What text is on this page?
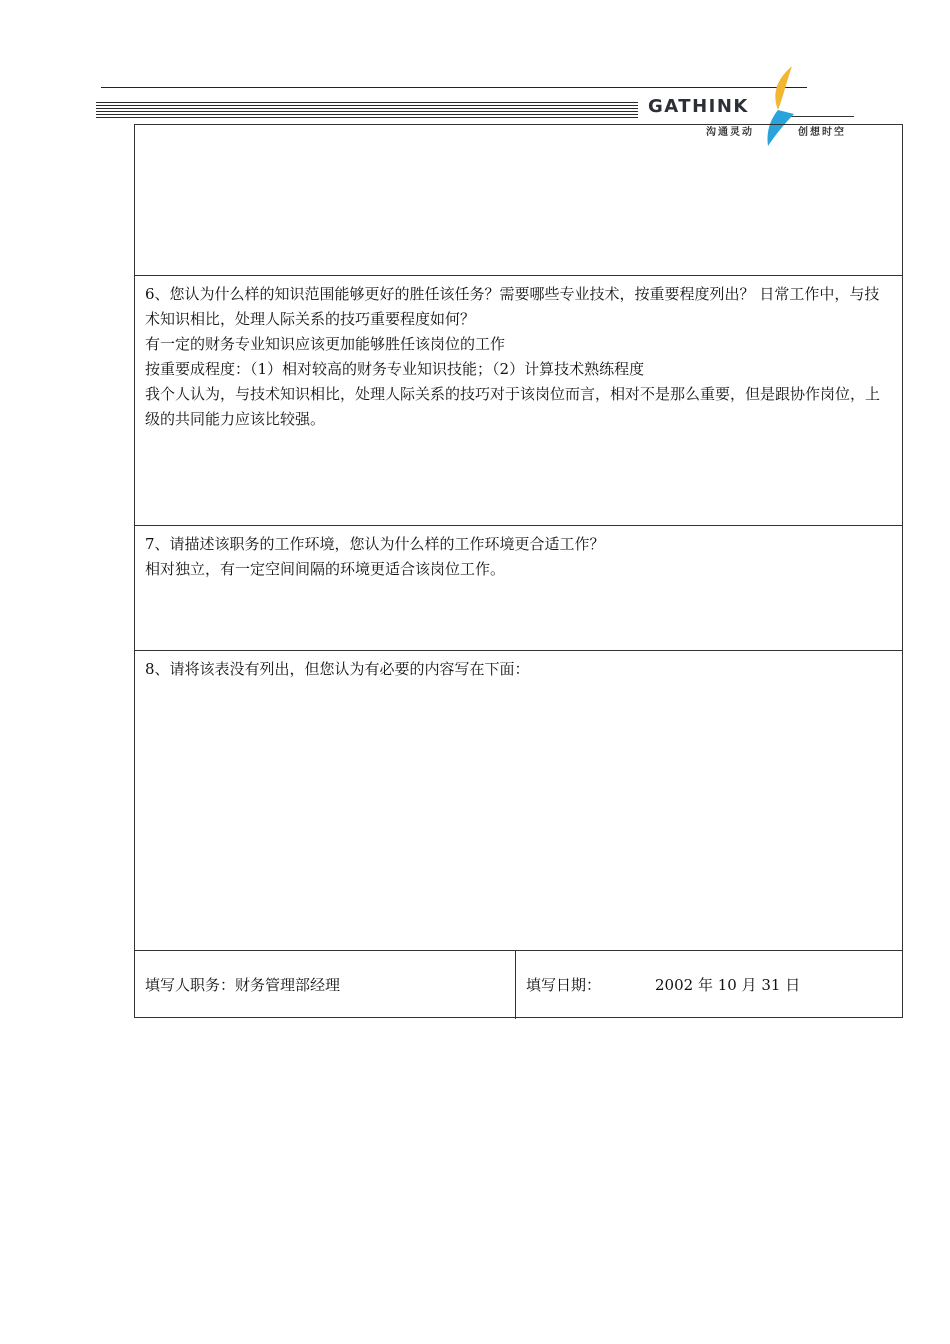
GATHINK
沟通灵动	创想时空

6、您认为什么样的知识范围能够更好的胜任该任务？需要哪些专业技术，按重要程度列出？ 日常工作中，与技术知识相比，处理人际关系的技巧重要程度如何？

有一定的财务专业知识应该更加能够胜任该岗位的工作

按重要成程度：（1）相对较高的财务专业知识技能；（2）计算技术熟练程度

我个人认为，与技术知识相比，处理人际关系的技巧对于该岗位而言，相对不是那么重要，但是跟协作岗位，上级的共同能力应该比较强。

7、请描述该职务的工作环境，您认为什么样的工作环境更合适工作？

相对独立，有一定空间间隔的环境更适合该岗位工作。

8、请将该表没有列出，但您认为有必要的内容写在下面：

填写人职务：财务管理部经理	填写日期：	2002 年 10 月 31 日
